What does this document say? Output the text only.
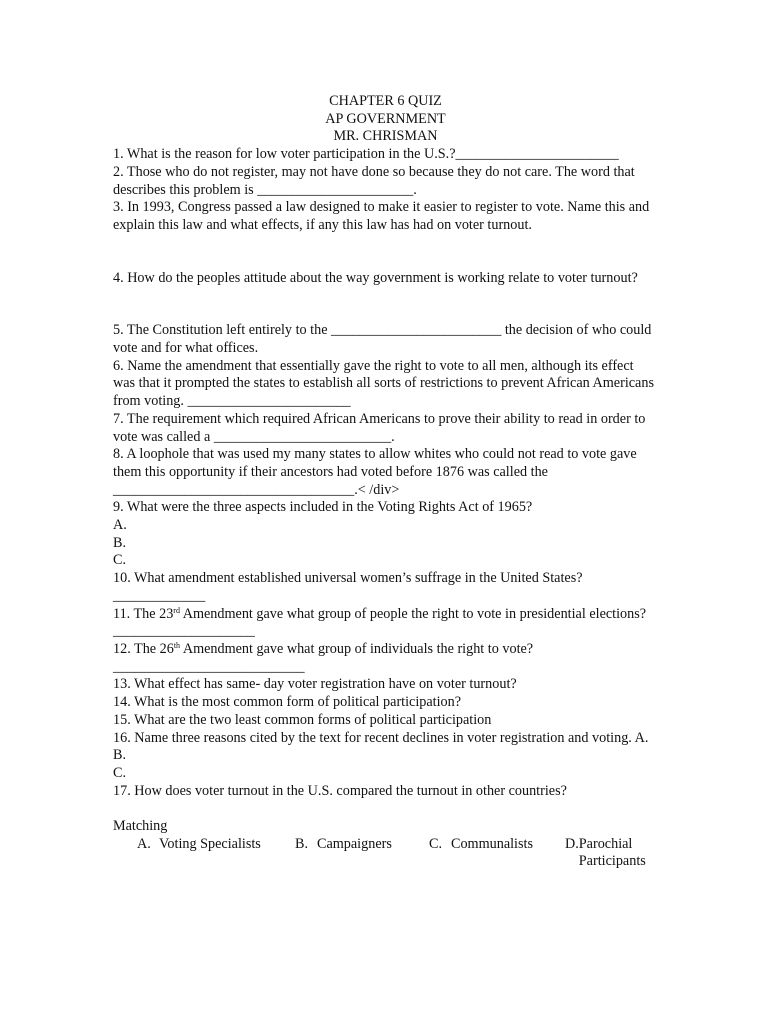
CHAPTER 6 QUIZ
AP GOVERNMENT
MR. CHRISMAN

1. What is the reason for low voter participation in the U.S.?_______________________

2. Those who do not register, may not have done so because they do not care. The word that describes this problem is ______________________.

3. In 1993, Congress passed a law designed to make it easier to register to vote. Name this and explain this law and what effects, if any this law has had on voter turnout.

4. How do the peoples attitude about the way government is working relate to voter turnout?

5. The Constitution left entirely to the ________________________ the decision of who could vote and for what offices.

6. Name the amendment that essentially gave the right to vote to all men, although its effect was that it prompted the states to establish all sorts of restrictions to prevent African Americans from voting. _______________________

7. The requirement which required African Americans to prove their ability to read in order to vote was called a _________________________.

8. A loophole that was used my many states to allow whites who could not read to vote gave them this opportunity if their ancestors had voted before 1876 was called the __________________________________.< /div>

9. What were the three aspects included in the Voting Rights Act of 1965?

A.

B.

C.

10. What amendment established universal women’s suffrage in the United States?

_____________

11. The 23rd Amendment gave what group of people the right to vote in presidential elections? ____________________

12. The 26th Amendment gave what group of individuals the right to vote?

___________________________

13. What effect has same- day voter registration have on voter turnout?

14. What is the most common form of political participation?

15. What are the two least common forms of political participation

16. Name three reasons cited by the text for recent declines in voter registration and voting. A.

B.

C.

17. How does voter turnout in the U.S. compared the turnout in other countries?

Matching

A. Voting Specialists B. Campaigners	C. Communalists D. Parochial Participants
